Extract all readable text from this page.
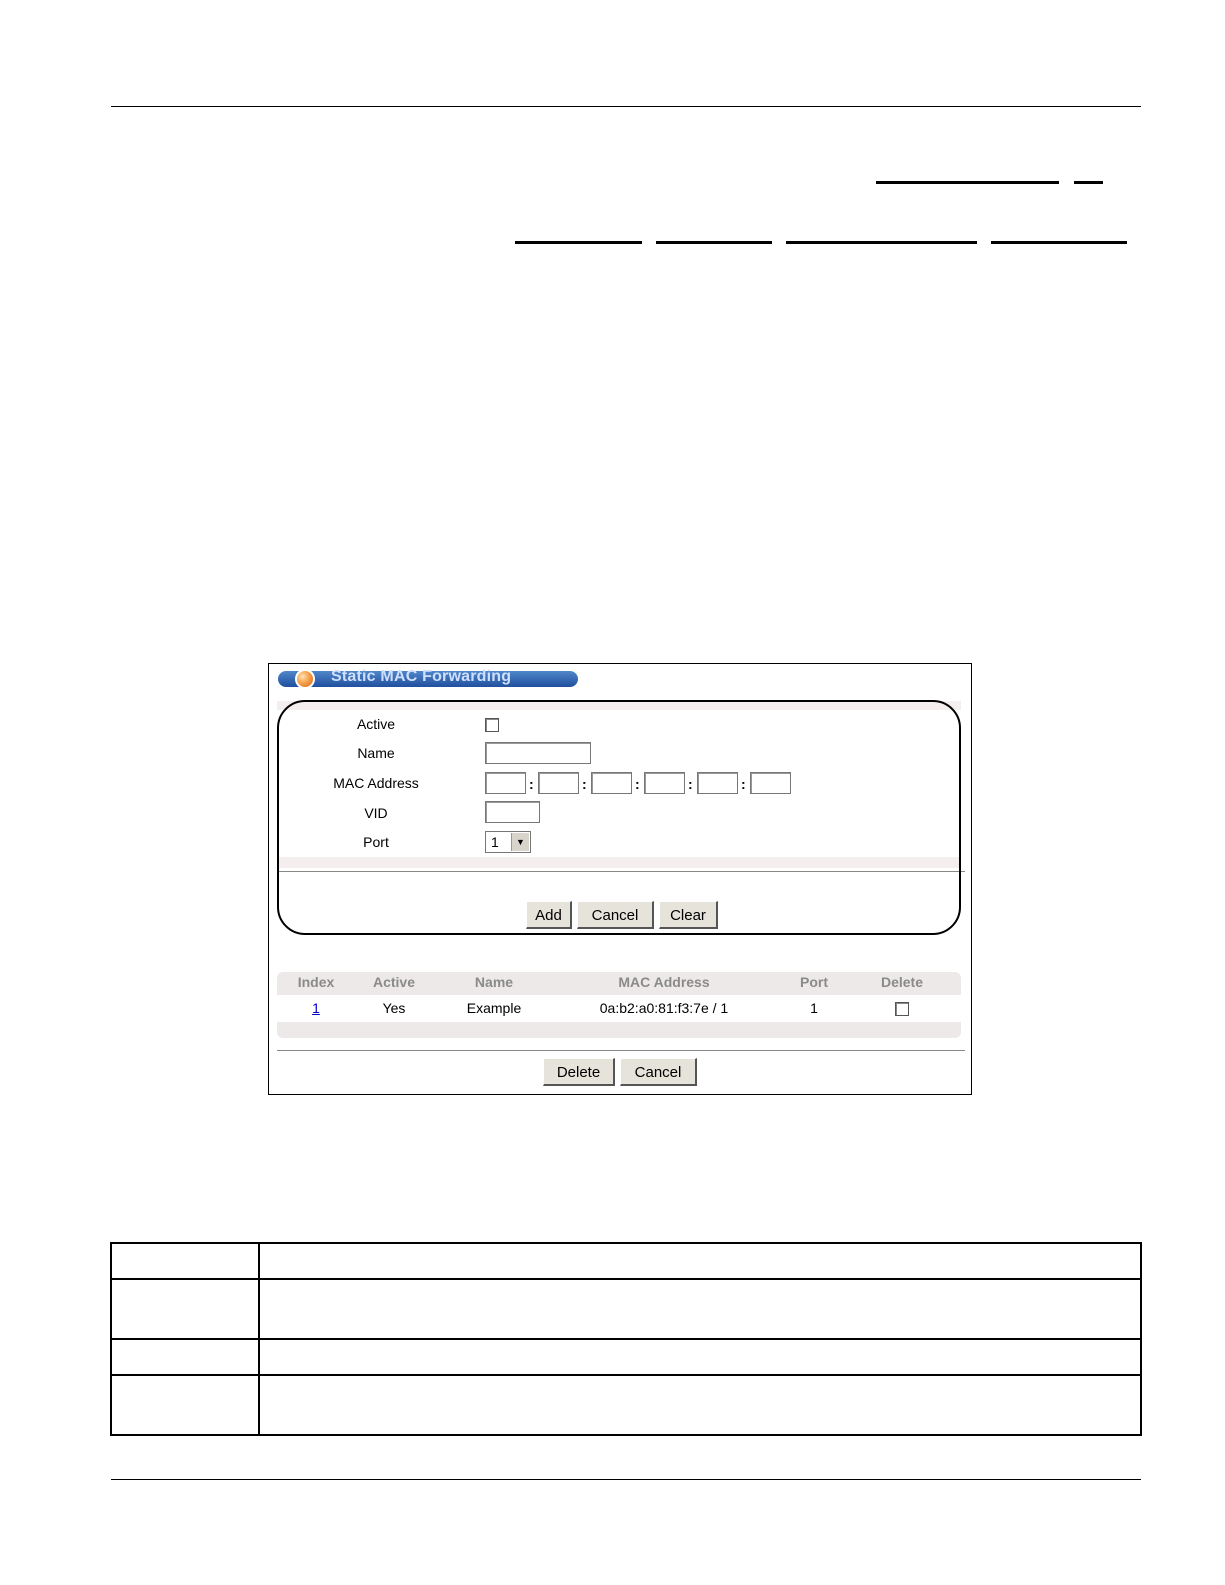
Static MAC Forwarding
Active
Name
MAC Address	:	:	:	:	:
VID
Port	1	▼
Add	Cancel	Clear
Index	Active	Name	MAC Address	Port	Delete
1	Yes	Example	0a:b2:a0:81:f3:7e / 1	1
Delete	Cancel
